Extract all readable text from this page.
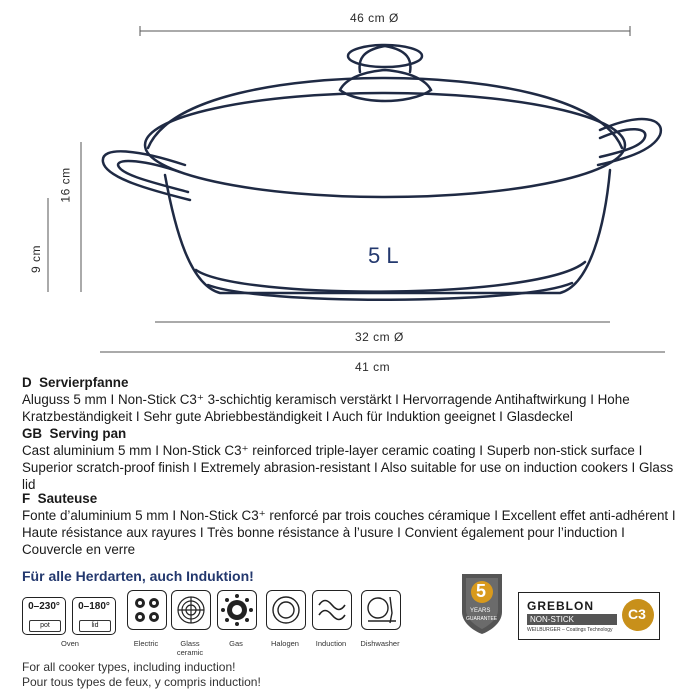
46 cm Ø
32 cm Ø
41 cm
16 cm
9 cm	5 L
D Servierpfanne
Aluguss 5 mm I Non-Stick C3⁺ 3-schichtig keramisch verstärkt I Hervorragende Antihaftwirkung I Hohe Kratzbeständigkeit I Sehr gute Abriebbeständigkeit I Auch für Induktion geeignet I Glasdeckel
GB Serving pan
Cast aluminium 5 mm I Non-Stick C3⁺ reinforced triple-layer ceramic coating I Superb non-stick surface I Superior scratch-proof finish I Extremely abrasion-resistant I Also suitable for use on induction cookers I Glass lid
F Sauteuse
Fonte d’aluminium 5 mm I Non-Stick C3⁺ renforcé par trois couches céramique I Excellent effet anti-adhérent I Haute résistance aux rayures I Très bonne résistance à l’usure I Convient également pour l’induction I Couvercle en verre
Für alle Herdarten, auch Induktion!
0–230°
pot
0–180°
lid
Oven	Electric	Glass ceramic
Gas	Halogen	Induction	Dishwasher
5
YEARS
GUARANTEE
GREBLON
NON-STICK
WEILBURGER – Coatings Technology
C3
For all cooker types, including induction!
Pour tous types de feux, y compris induction!
